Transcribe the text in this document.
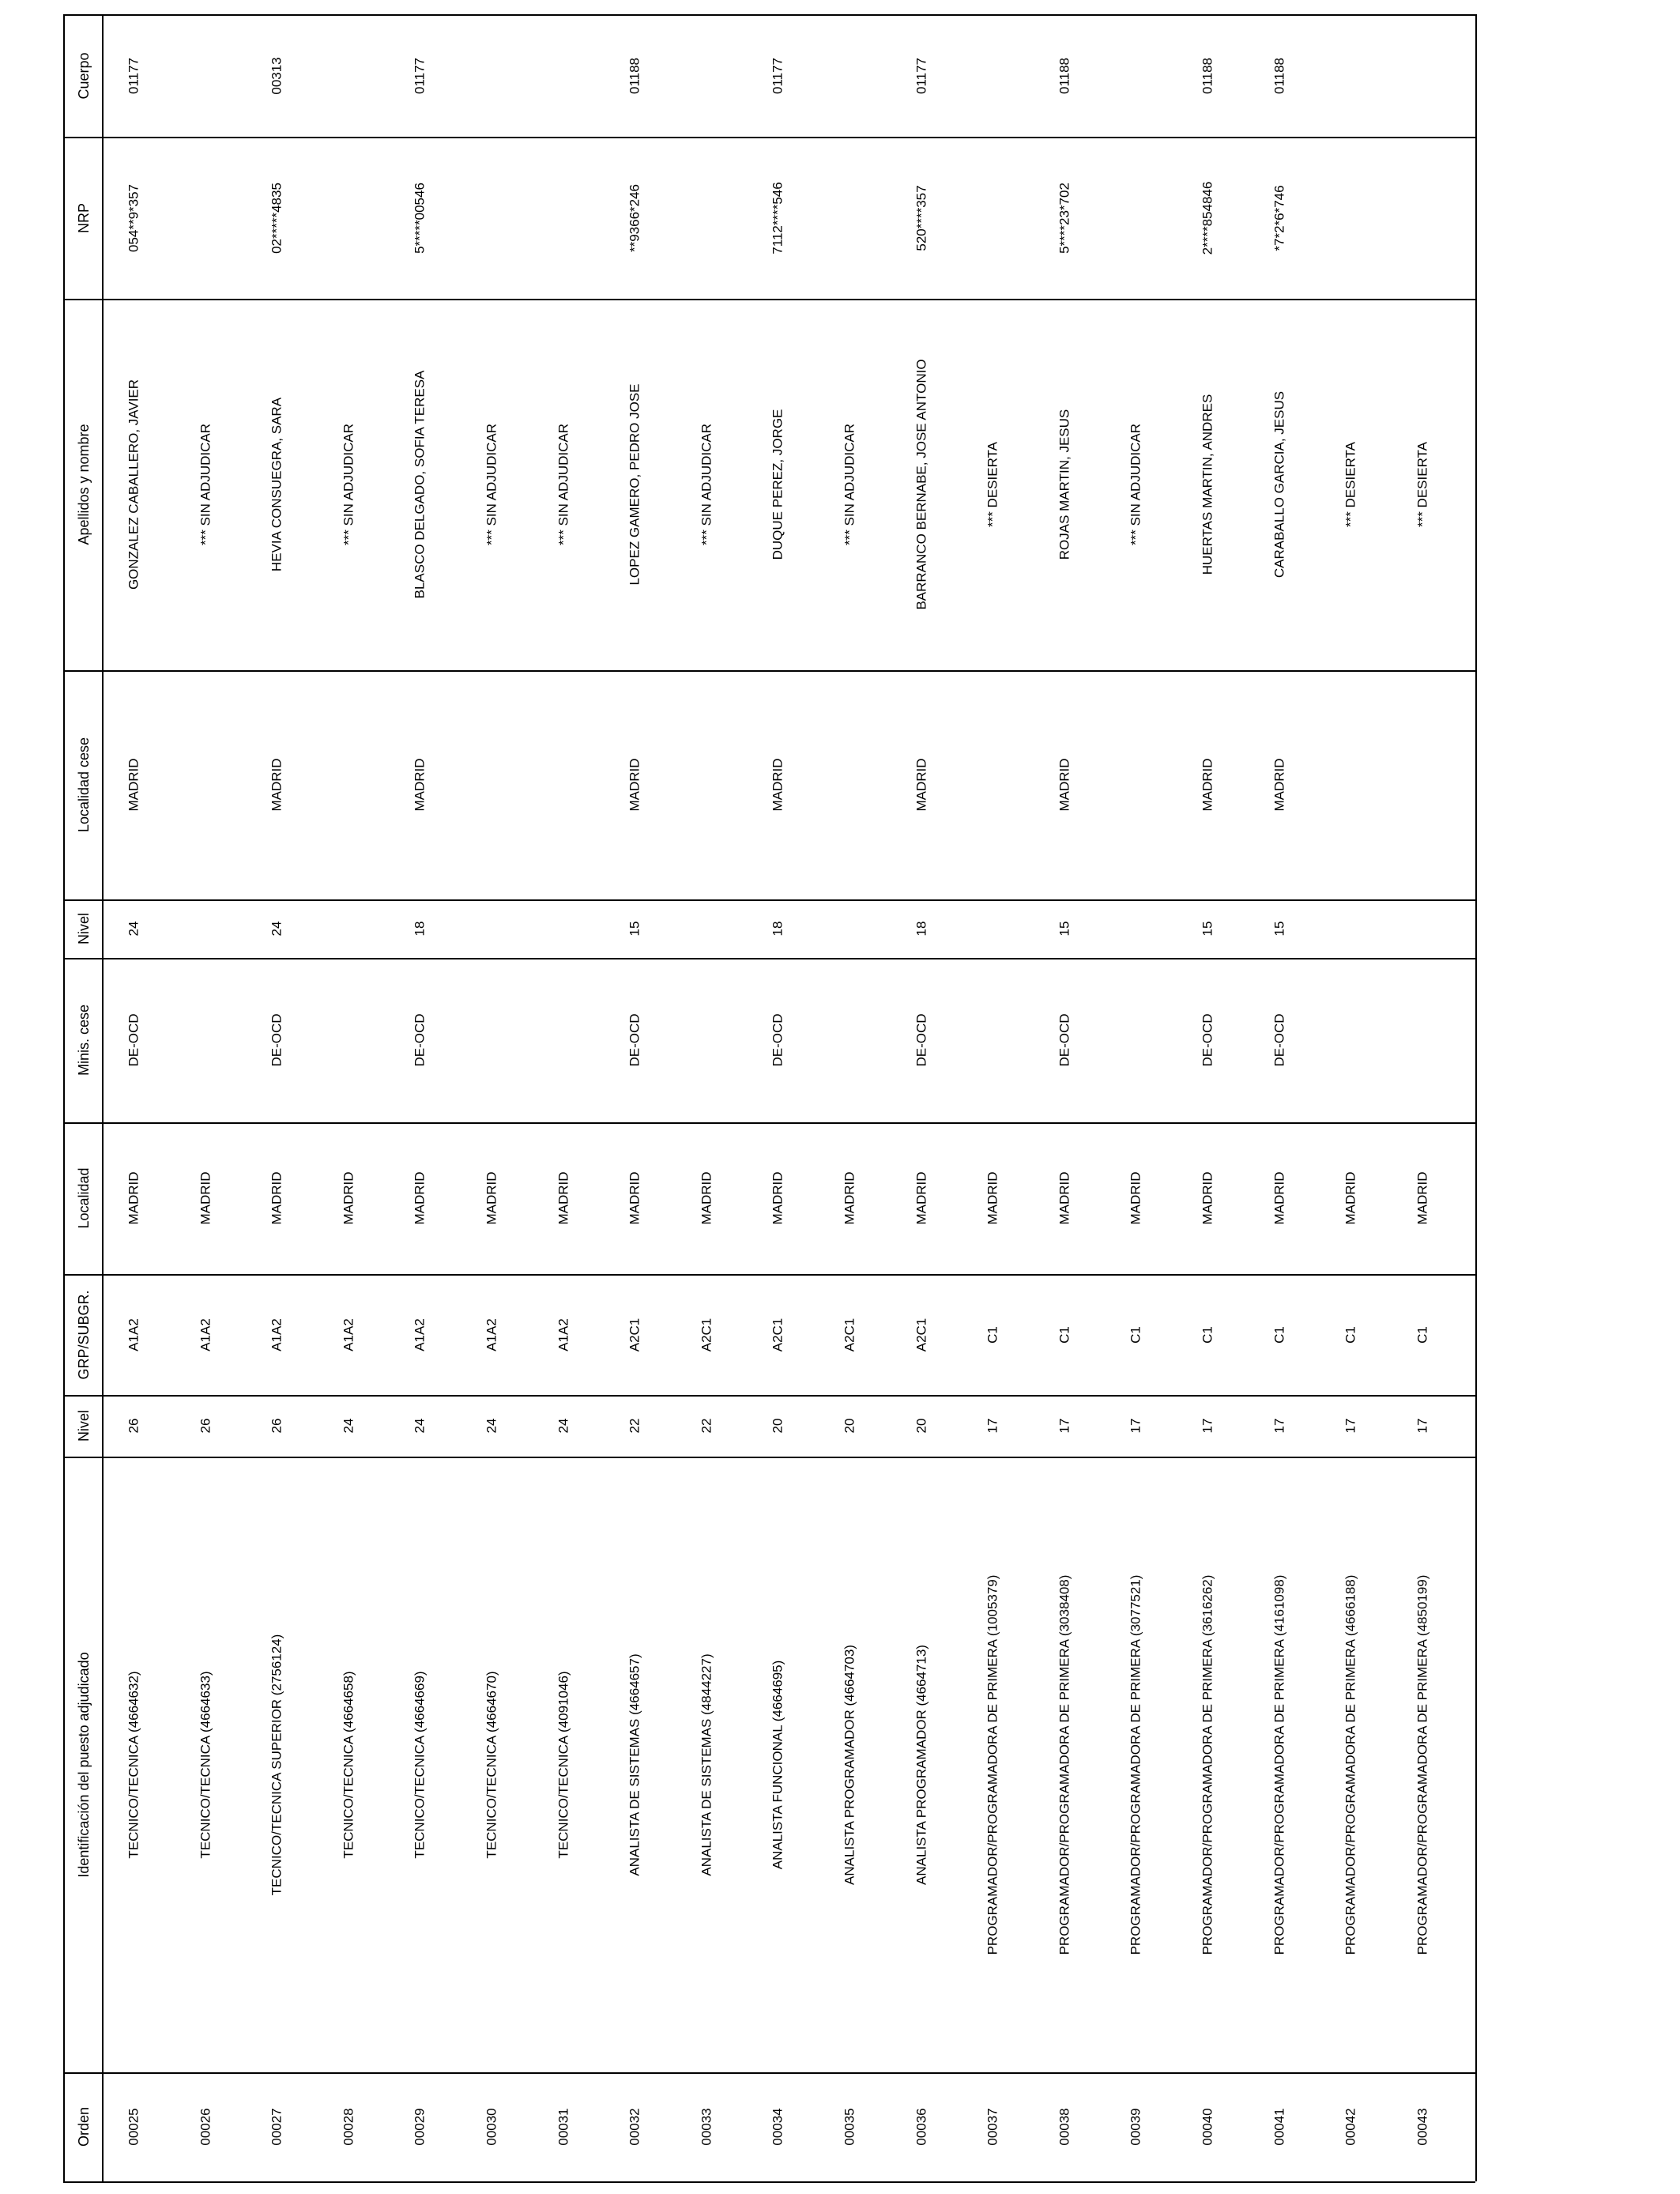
Cuerpo
NRP
Apellidos y nombre
Localidad cese
Nivel
Minis. cese
Localidad
GRP/SUBGR.
Nivel
Identificación del puesto adjudicado
Orden
01177
054**9*357
GONZALEZ CABALLERO, JAVIER
MADRID
24
DE-OCD
MADRID
A1A2
26
TECNICO/TECNICA (4664632)
00025
*** SIN ADJUDICAR
MADRID
A1A2
26
TECNICO/TECNICA (4664633)
00026
00313
02*****4835
HEVIA CONSUEGRA, SARA
MADRID
24
DE-OCD
MADRID
A1A2
26
TECNICO/TECNICA SUPERIOR (2756124)
00027
*** SIN ADJUDICAR
MADRID
A1A2
24
TECNICO/TECNICA (4664658)
00028
01177
5*****00546
BLASCO DELGADO, SOFIA TERESA
MADRID
18
DE-OCD
MADRID
A1A2
24
TECNICO/TECNICA (4664669)
00029
*** SIN ADJUDICAR
MADRID
A1A2
24
TECNICO/TECNICA (4664670)
00030
*** SIN ADJUDICAR
MADRID
A1A2
24
TECNICO/TECNICA (4091046)
00031
01188
**9366*246
LOPEZ GAMERO, PEDRO JOSE
MADRID
15
DE-OCD
MADRID
A2C1
22
ANALISTA DE SISTEMAS (4664657)
00032
*** SIN ADJUDICAR
MADRID
A2C1
22
ANALISTA DE SISTEMAS (4844227)
00033
01177
7112****546
DUQUE PEREZ, JORGE
MADRID
18
DE-OCD
MADRID
A2C1
20
ANALISTA FUNCIONAL (4664695)
00034
*** SIN ADJUDICAR
MADRID
A2C1
20
ANALISTA PROGRAMADOR (4664703)
00035
01177
520****357
BARRANCO BERNABE, JOSE ANTONIO
MADRID
18
DE-OCD
MADRID
A2C1
20
ANALISTA PROGRAMADOR (4664713)
00036
*** DESIERTA
MADRID
C1
17
PROGRAMADOR/PROGRAMADORA DE PRIMERA (1005379)
00037
01188
5****23*702
ROJAS MARTIN, JESUS
MADRID
15
DE-OCD
MADRID
C1
17
PROGRAMADOR/PROGRAMADORA DE PRIMERA (3038408)
00038
*** SIN ADJUDICAR
MADRID
C1
17
PROGRAMADOR/PROGRAMADORA DE PRIMERA (3077521)
00039
01188
2****854846
HUERTAS MARTIN, ANDRES
MADRID
15
DE-OCD
MADRID
C1
17
PROGRAMADOR/PROGRAMADORA DE PRIMERA (3616262)
00040
01188
*7*2*6*746
CARABALLO GARCIA, JESUS
MADRID
15
DE-OCD
MADRID
C1
17
PROGRAMADOR/PROGRAMADORA DE PRIMERA (4161098)
00041
*** DESIERTA
MADRID
C1
17
PROGRAMADOR/PROGRAMADORA DE PRIMERA (4666188)
00042
*** DESIERTA
MADRID
C1
17
PROGRAMADOR/PROGRAMADORA DE PRIMERA (4850199)
00043
